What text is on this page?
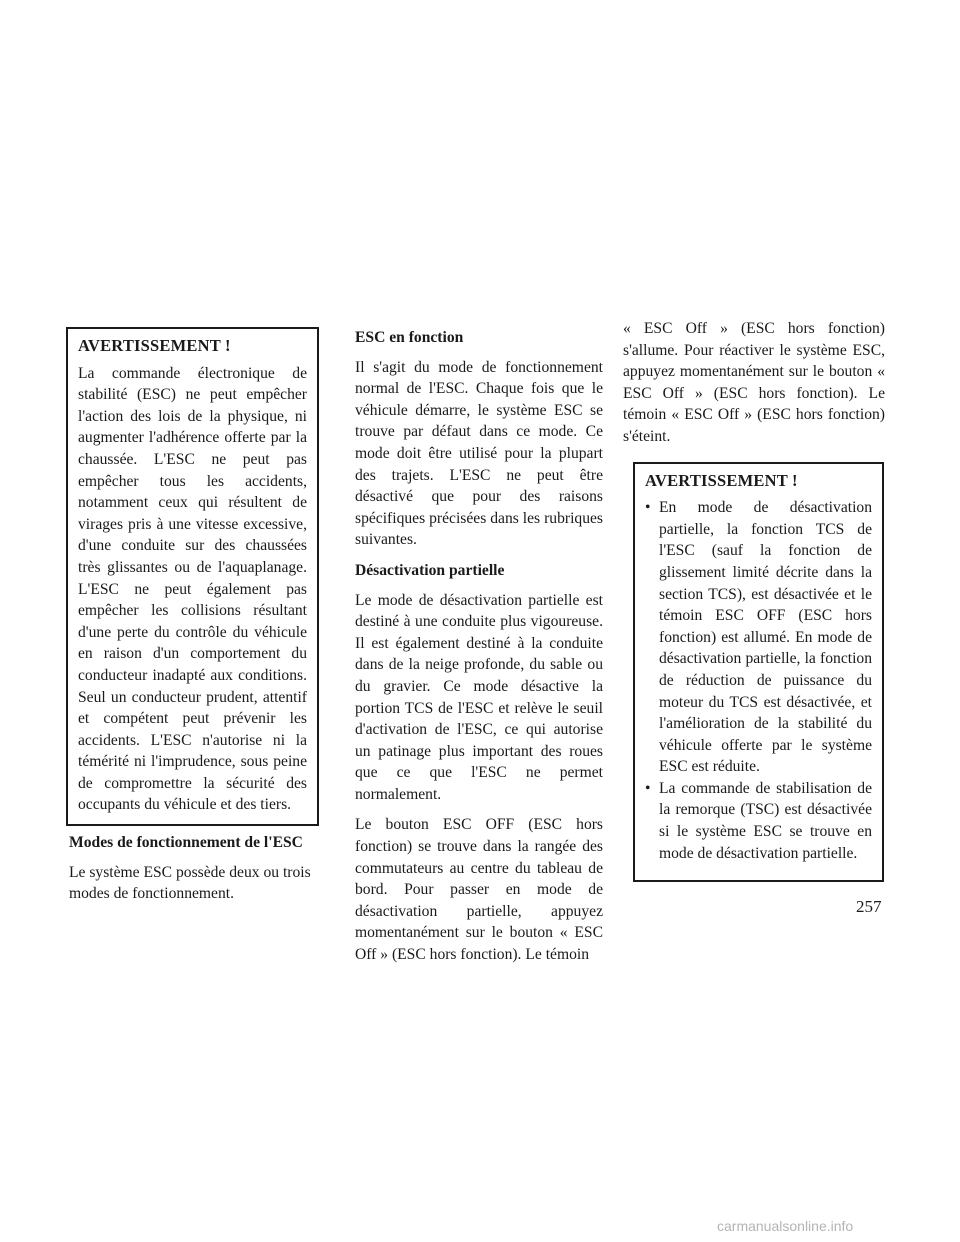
AVERTISSEMENT !

La commande électronique de stabilité (ESC) ne peut empêcher l'action des lois de la physique, ni augmenter l'adhérence offerte par la chaussée. L'ESC ne peut pas empêcher tous les accidents, notamment ceux qui résultent de virages pris à une vitesse excessive, d'une conduite sur des chaussées très glissantes ou de l'aquaplanage. L'ESC ne peut également pas empêcher les collisions résultant d'une perte du contrôle du véhicule en raison d'un comportement du conducteur inadapté aux conditions. Seul un conducteur prudent, attentif et compétent peut prévenir les accidents. L'ESC n'autorise ni la témérité ni l'imprudence, sous peine de compromettre la sécurité des occupants du véhicule et des tiers.

Modes de fonctionnement de l'ESC

Le système ESC possède deux ou trois modes de fonctionnement.

ESC en fonction

Il s'agit du mode de fonctionnement normal de l'ESC. Chaque fois que le véhicule démarre, le système ESC se trouve par défaut dans ce mode. Ce mode doit être utilisé pour la plupart des trajets. L'ESC ne peut être désactivé que pour des raisons spécifiques précisées dans les rubriques suivantes.

Désactivation partielle

Le mode de désactivation partielle est destiné à une conduite plus vigoureuse. Il est également destiné à la conduite dans de la neige profonde, du sable ou du gravier. Ce mode désactive la portion TCS de l'ESC et relève le seuil d'activation de l'ESC, ce qui autorise un patinage plus important des roues que ce que l'ESC ne permet normalement.

Le bouton ESC OFF (ESC hors fonction) se trouve dans la rangée des commutateurs au centre du tableau de bord. Pour passer en mode de désactivation partielle, appuyez momentanément sur le bouton « ESC Off » (ESC hors fonction). Le témoin

« ESC Off » (ESC hors fonction) s'allume. Pour réactiver le système ESC, appuyez momentanément sur le bouton « ESC Off » (ESC hors fonction). Le témoin « ESC Off » (ESC hors fonction) s'éteint.

AVERTISSEMENT !
• En mode de désactivation partielle, la fonction TCS de l'ESC (sauf la fonction de glissement limité décrite dans la section TCS), est désactivée et le témoin ESC OFF (ESC hors fonction) est allumé. En mode de désactivation partielle, la fonction de réduction de puissance du moteur du TCS est désactivée, et l'amélioration de la stabilité du véhicule offerte par le système ESC est réduite.
• La commande de stabilisation de la remorque (TSC) est désactivée si le système ESC se trouve en mode de désactivation partielle.
257
carmanualsonline.info
